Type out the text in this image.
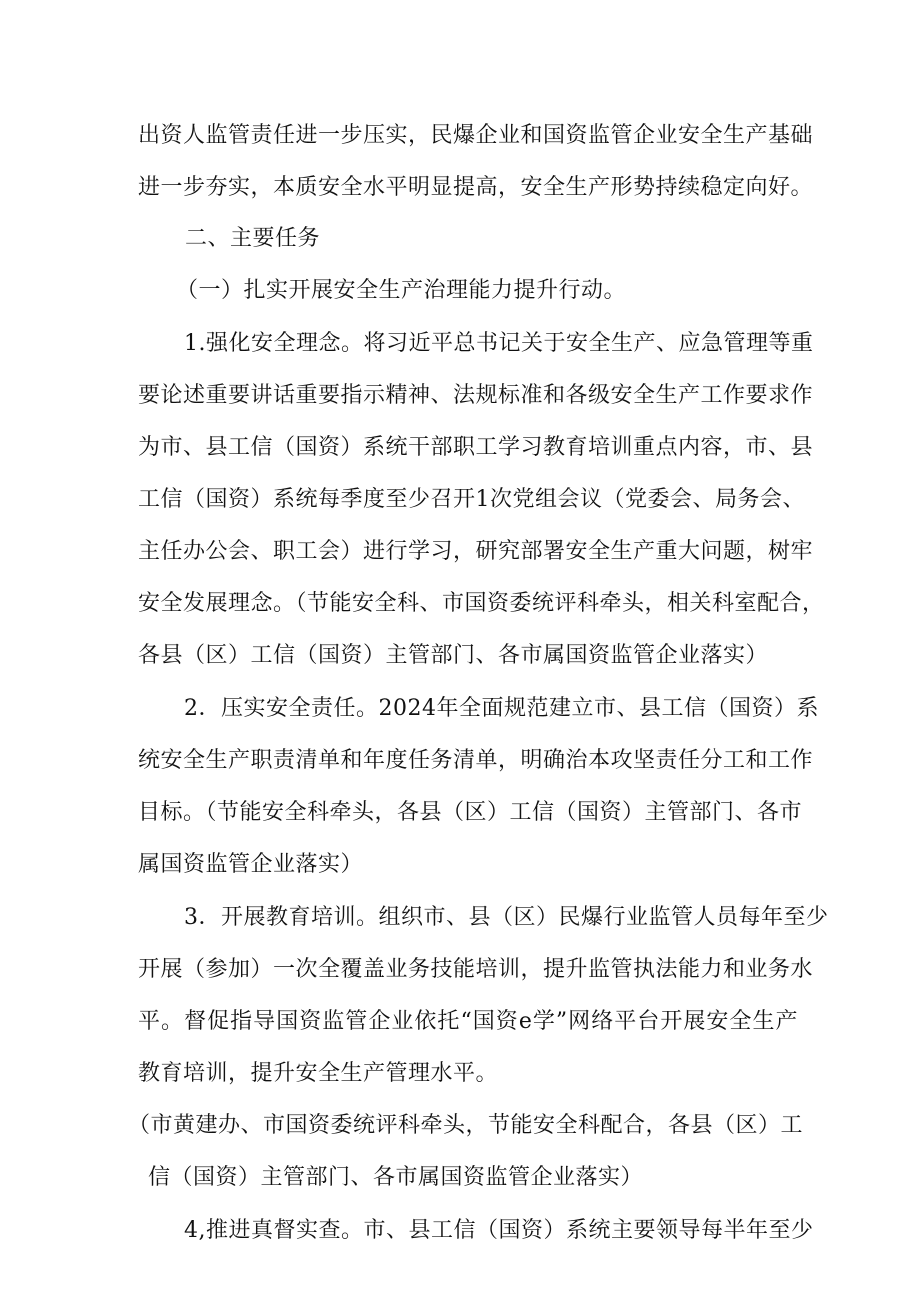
出资人监管责任进一步压实，民爆企业和国资监管企业安全生产基础
进一步夯实，本质安全水平明显提高，安全生产形势持续稳定向好。
二、主要任务
（一）扎实开展安全生产治理能力提升行动。
1.强化安全理念。将习近平总书记关于安全生产、应急管理等重
要论述重要讲话重要指示精神、法规标准和各级安全生产工作要求作
为市、县工信（国资）系统干部职工学习教育培训重点内容，市、县
工信（国资）系统每季度至少召开1次党组会议（党委会、局务会、
主任办公会、职工会）进行学习，研究部署安全生产重大问题，树牢
安全发展理念。（节能安全科、市国资委统评科牵头，相关科室配合，
各县（区）工信（国资）主管部门、各市属国资监管企业落实）
2．压实安全责任。2024年全面规范建立市、县工信（国资）系
统安全生产职责清单和年度任务清单，明确治本攻坚责任分工和工作
目标。（节能安全科牵头，各县（区）工信（国资）主管部门、各市
属国资监管企业落实）
3．开展教育培训。组织市、县（区）民爆行业监管人员每年至少
开展（参加）一次全覆盖业务技能培训，提升监管执法能力和业务水
平。督促指导国资监管企业依托“国资e学”网络平台开展安全生产
教育培训，提升安全生产管理水平。
（市黄建办、市国资委统评科牵头，节能安全科配合，各县（区）工
信（国资）主管部门、各市属国资监管企业落实）
4,推进真督实查。市、县工信（国资）系统主要领导每半年至少
